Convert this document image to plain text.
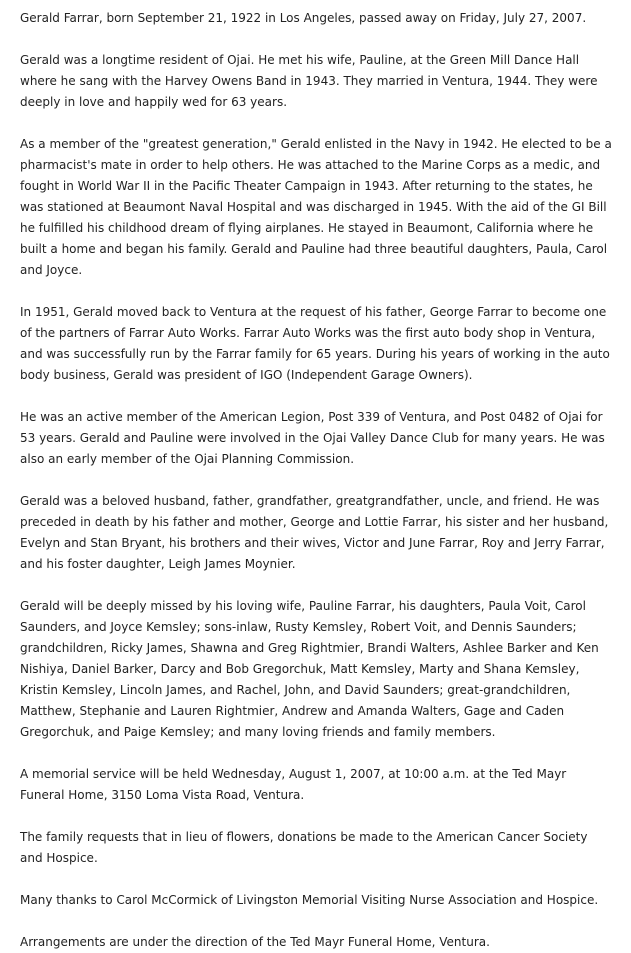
Gerald Farrar, born September 21, 1922 in Los Angeles, passed away on Friday, July 27, 2007.

Gerald was a longtime resident of Ojai. He met his wife, Pauline, at the Green Mill Dance Hall where he sang with the Harvey Owens Band in 1943. They married in Ventura, 1944. They were deeply in love and happily wed for 63 years.

As a member of the "greatest generation," Gerald enlisted in the Navy in 1942. He elected to be a pharmacist's mate in order to help others. He was attached to the Marine Corps as a medic, and fought in World War II in the Pacific Theater Campaign in 1943. After returning to the states, he was stationed at Beaumont Naval Hospital and was discharged in 1945. With the aid of the GI Bill he fulfilled his childhood dream of flying airplanes. He stayed in Beaumont, California where he built a home and began his family. Gerald and Pauline had three beautiful daughters, Paula, Carol and Joyce.

In 1951, Gerald moved back to Ventura at the request of his father, George Farrar to become one of the partners of Farrar Auto Works. Farrar Auto Works was the first auto body shop in Ventura, and was successfully run by the Farrar family for 65 years. During his years of working in the auto body business, Gerald was president of IGO (Independent Garage Owners).

He was an active member of the American Legion, Post 339 of Ventura, and Post 0482 of Ojai for 53 years. Gerald and Pauline were involved in the Ojai Valley Dance Club for many years. He was also an early member of the Ojai Planning Commission.

Gerald was a beloved husband, father, grandfather, greatgrandfather, uncle, and friend. He was preceded in death by his father and mother, George and Lottie Farrar, his sister and her husband, Evelyn and Stan Bryant, his brothers and their wives, Victor and June Farrar, Roy and Jerry Farrar, and his foster daughter, Leigh James Moynier.

Gerald will be deeply missed by his loving wife, Pauline Farrar, his daughters, Paula Voit, Carol Saunders, and Joyce Kemsley; sons-inlaw, Rusty Kemsley, Robert Voit, and Dennis Saunders; grandchildren, Ricky James, Shawna and Greg Rightmier, Brandi Walters, Ashlee Barker and Ken Nishiya, Daniel Barker, Darcy and Bob Gregorchuk, Matt Kemsley, Marty and Shana Kemsley, Kristin Kemsley, Lincoln James, and Rachel, John, and David Saunders; great-grandchildren, Matthew, Stephanie and Lauren Rightmier, Andrew and Amanda Walters, Gage and Caden Gregorchuk, and Paige Kemsley; and many loving friends and family members.

A memorial service will be held Wednesday, August 1, 2007, at 10:00 a.m. at the Ted Mayr Funeral Home, 3150 Loma Vista Road, Ventura.

The family requests that in lieu of flowers, donations be made to the American Cancer Society and Hospice.

Many thanks to Carol McCormick of Livingston Memorial Visiting Nurse Association and Hospice.

Arrangements are under the direction of the Ted Mayr Funeral Home, Ventura.
